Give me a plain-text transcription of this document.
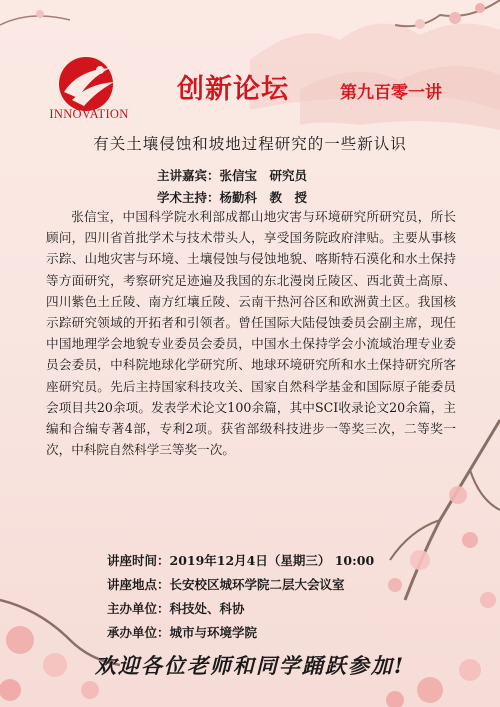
INNOVATION
创新论坛	第九百零一讲
有关土壤侵蚀和坡地过程研究的一些新认识
主讲嘉宾：张信宝　研究员
学术主持：杨勤科　教　授

张信宝，中国科学院水利部成都山地灾害与环境研究所研究员，所长顾问，四川省首批学术与技术带头人，享受国务院政府津贴。主要从事核示踪、山地灾害与环境、土壤侵蚀与侵蚀地貌、喀斯特石漠化和水土保持等方面研究，考察研究足迹遍及我国的东北漫岗丘陵区、西北黄土高原、四川紫色土丘陵、南方红壤丘陵、云南干热河谷区和欧洲黄土区。我国核示踪研究领域的开拓者和引领者。曾任国际大陆侵蚀委员会副主席，现任中国地理学会地貌专业委员会委员，中国水土保持学会小流域治理专业委员会委员，中科院地球化学研究所、地球环境研究所和水土保持研究所客座研究员。先后主持国家科技攻关、国家自然科学基金和国际原子能委员会项目共20余项。发表学术论文100余篇，其中SCI收录论文20余篇，主编和合编专著4部，专利2项。获省部级科技进步一等奖三次，二等奖一次，中科院自然科学三等奖一次。

讲座时间：2019年12月4日（星期三） 10:00
讲座地点：长安校区城环学院二层大会议室
主办单位：科技处、科协
承办单位：城市与环境学院
欢迎各位老师和同学踊跃参加!
